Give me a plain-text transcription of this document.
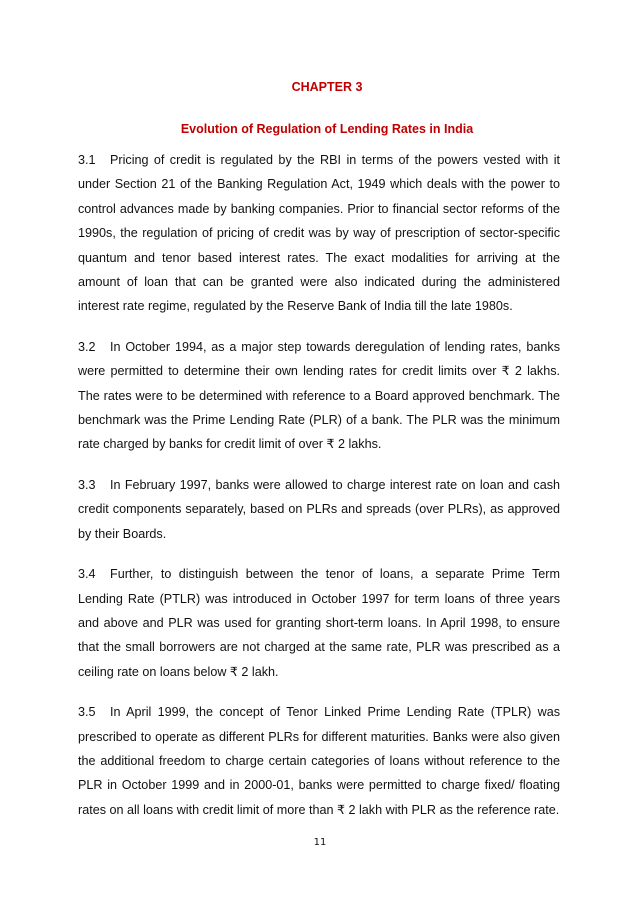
CHAPTER 3
Evolution of Regulation of Lending Rates in India

3.1 Pricing of credit is regulated by the RBI in terms of the powers vested with it under Section 21 of the Banking Regulation Act, 1949 which deals with the power to control advances made by banking companies. Prior to financial sector reforms of the 1990s, the regulation of pricing of credit was by way of prescription of sector-specific quantum and tenor based interest rates. The exact modalities for arriving at the amount of loan that can be granted were also indicated during the administered interest rate regime, regulated by the Reserve Bank of India till the late 1980s.

3.2 In October 1994, as a major step towards deregulation of lending rates, banks were permitted to determine their own lending rates for credit limits over ₹ 2 lakhs. The rates were to be determined with reference to a Board approved benchmark. The benchmark was the Prime Lending Rate (PLR) of a bank. The PLR was the minimum rate charged by banks for credit limit of over ₹ 2 lakhs.

3.3 In February 1997, banks were allowed to charge interest rate on loan and cash credit components separately, based on PLRs and spreads (over PLRs), as approved by their Boards.

3.4 Further, to distinguish between the tenor of loans, a separate Prime Term Lending Rate (PTLR) was introduced in October 1997 for term loans of three years and above and PLR was used for granting short-term loans. In April 1998, to ensure that the small borrowers are not charged at the same rate, PLR was prescribed as a ceiling rate on loans below ₹ 2 lakh.

3.5 In April 1999, the concept of Tenor Linked Prime Lending Rate (TPLR) was prescribed to operate as different PLRs for different maturities. Banks were also given the additional freedom to charge certain categories of loans without reference to the PLR in October 1999 and in 2000-01, banks were permitted to charge fixed/ floating rates on all loans with credit limit of more than ₹ 2 lakh with PLR as the reference rate.

11
